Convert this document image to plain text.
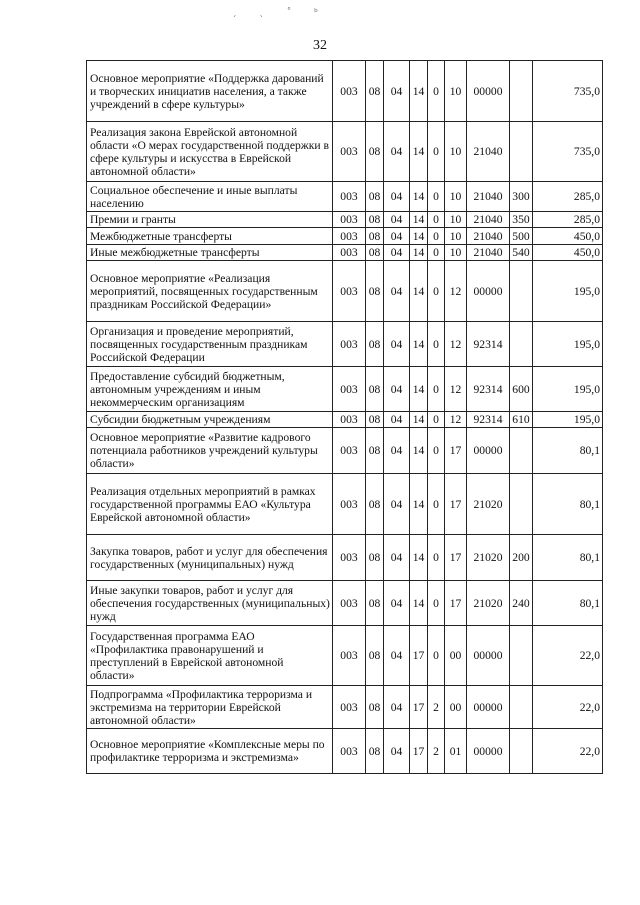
ˏ ˎ ˚ ᵇ
32
Основное мероприятие «Поддержка дарований и творческих инициатив населения, а также учреждений в сфере культуры»	003	08	04	14	0	10	00000		735,0
Реализация закона Еврейской автономной области «О мерах государственной поддержки в сфере культуры и искусства в Еврейской автономной области»	003	08	04	14	0	10	21040		735,0
Социальное обеспечение и иные выплаты населению	003	08	04	14	0	10	21040	300	285,0
Премии и гранты	003	08	04	14	0	10	21040	350	285,0
Межбюджетные трансферты	003	08	04	14	0	10	21040	500	450,0
Иные межбюджетные трансферты	003	08	04	14	0	10	21040	540	450,0
Основное мероприятие «Реализация мероприятий, посвященных государственным праздникам Российской Федерации»	003	08	04	14	0	12	00000		195,0
Организация и проведение мероприятий, посвященных государственным праздникам Российской Федерации	003	08	04	14	0	12	92314		195,0
Предоставление субсидий бюджетным, автономным учреждениям и иным некоммерческим организациям	003	08	04	14	0	12	92314	600	195,0
Субсидии бюджетным учреждениям	003	08	04	14	0	12	92314	610	195,0
Основное мероприятие «Развитие кадрового потенциала работников учреждений культуры области»	003	08	04	14	0	17	00000		80,1
Реализация отдельных мероприятий в рамках государственной программы ЕАО «Культура Еврейской автономной области»	003	08	04	14	0	17	21020		80,1
Закупка товаров, работ и услуг для обеспечения государственных (муниципальных) нужд	003	08	04	14	0	17	21020	200	80,1
Иные закупки товаров, работ и услуг для обеспечения государственных (муниципальных) нужд	003	08	04	14	0	17	21020	240	80,1
Государственная программа ЕАО «Профилактика правонарушений и преступлений в Еврейской автономной области»	003	08	04	17	0	00	00000		22,0
Подпрограмма «Профилактика терроризма и экстремизма на территории Еврейской автономной области»	003	08	04	17	2	00	00000		22,0
Основное мероприятие «Комплексные меры по профилактике терроризма и экстремизма»	003	08	04	17	2	01	00000		22,0
